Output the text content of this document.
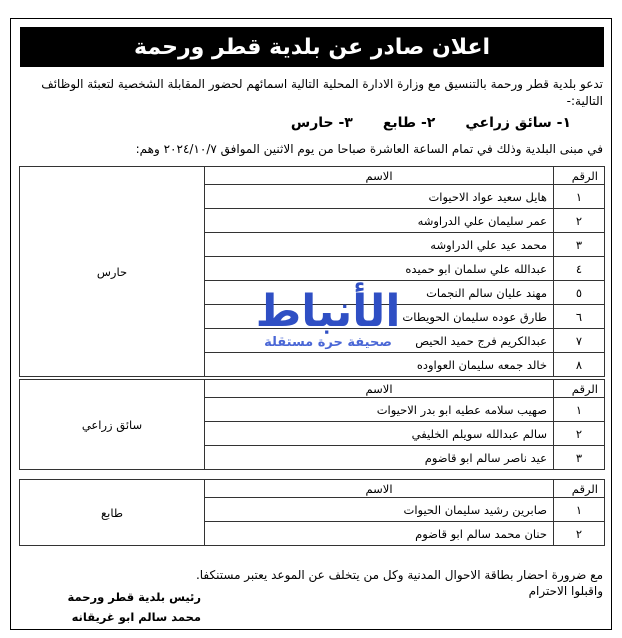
اعلان صادر عن بلدية قطر ورحمة
تدعو بلدية قطر ورحمة بالتنسيق مع وزارة الادارة المحلية التالية اسمائهم لحضور المقابلة الشخصية لتعبئة الوظائف التالية:-
١- سائق زراعي
٢- طابع
٣- حارس
في مبنى البلدية وذلك في تمام الساعة العاشرة صباحا من يوم الاثنين الموافق ٢٠٢٤/١٠/٧ وهم:
الرقم	الاسم	حارس
١	هايل سعيد عواد الاحيوات	
٢	عمر سليمان علي الدراوشه	
٣	محمد عيد علي الدراوشه	
٤	عبدالله علي سلمان ابو حميده	
٥	مهند عليان سالم النجمات	
٦	طارق عوده سليمان الحويطات	
٧	عبدالكريم فرج حميد الحيص	
٨	خالد جمعه سليمان العواوده	
الرقم	الاسم	سائق زراعي
١	صهيب سلامه عطيه ابو بدر الاحيوات	
٢	سالم عبدالله سويلم الخليفي	
٣	عيد ناصر سالم ابو قاضوم	
الرقم	الاسم	طابع
١	صابرين رشيد سليمان الحيوات	
٢	حنان محمد سالم ابو قاضوم	
مع ضرورة احضار بطاقة الاحوال المدنية وكل من يتخلف عن الموعد يعتبر مستنكفا.
واقبلوا الاحترام
رئيس بلدية قطر ورحمة
محمد سالم ابو غريقانه
الأنباط
صحيفة حرة مستقلة
